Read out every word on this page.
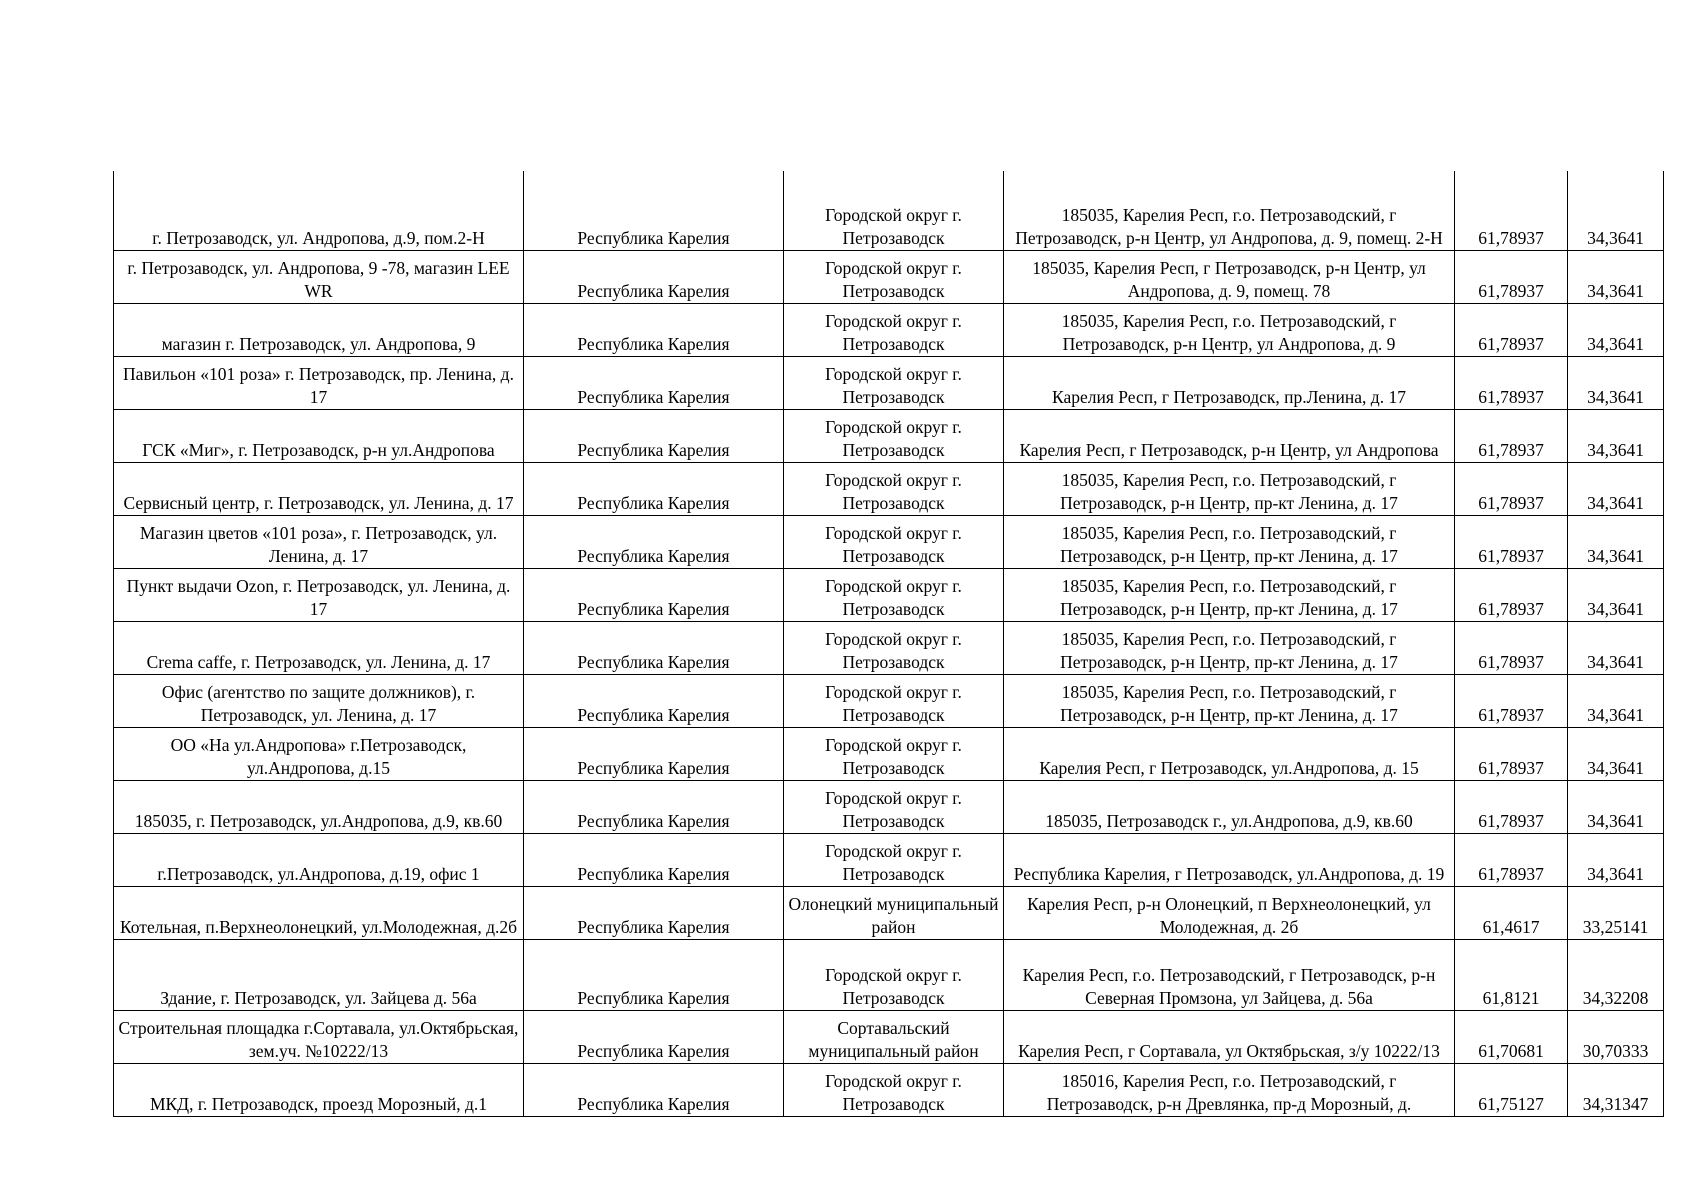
г. Петрозаводск, ул. Андропова, д.9, пом.2-Н	Республика Карелия	Городской округ г. Петрозаводск	185035, Карелия Респ, г.о. Петрозаводский, г Петрозаводск, р-н Центр, ул Андропова, д. 9, помещ. 2-Н	61,78937	34,3641
г. Петрозаводск, ул. Андропова, 9 -78, магазин LEE WR	Республика Карелия	Городской округ г. Петрозаводск	185035, Карелия Респ, г Петрозаводск, р-н Центр, ул Андропова, д. 9, помещ. 78	61,78937	34,3641
магазин г. Петрозаводск, ул. Андропова, 9	Республика Карелия	Городской округ г. Петрозаводск	185035, Карелия Респ, г.о. Петрозаводский, г Петрозаводск, р-н Центр, ул Андропова, д. 9	61,78937	34,3641
Павильон «101 роза» г. Петрозаводск, пр. Ленина, д. 17	Республика Карелия	Городской округ г. Петрозаводск	Карелия Респ, г Петрозаводск, пр.Ленина, д. 17	61,78937	34,3641
ГСК «Миг», г. Петрозаводск, р-н ул.Андропова	Республика Карелия	Городской округ г. Петрозаводск	Карелия Респ, г Петрозаводск, р-н Центр, ул Андропова	61,78937	34,3641
Сервисный центр, г. Петрозаводск, ул. Ленина, д. 17	Республика Карелия	Городской округ г. Петрозаводск	185035, Карелия Респ, г.о. Петрозаводский, г Петрозаводск, р-н Центр, пр-кт Ленина, д. 17	61,78937	34,3641
Магазин цветов «101 роза», г. Петрозаводск, ул. Ленина, д. 17	Республика Карелия	Городской округ г. Петрозаводск	185035, Карелия Респ, г.о. Петрозаводский, г Петрозаводск, р-н Центр, пр-кт Ленина, д. 17	61,78937	34,3641
Пункт выдачи Ozon, г. Петрозаводск, ул. Ленина, д. 17	Республика Карелия	Городской округ г. Петрозаводск	185035, Карелия Респ, г.о. Петрозаводский, г Петрозаводск, р-н Центр, пр-кт Ленина, д. 17	61,78937	34,3641
Crema caffe, г. Петрозаводск, ул. Ленина, д. 17	Республика Карелия	Городской округ г. Петрозаводск	185035, Карелия Респ, г.о. Петрозаводский, г Петрозаводск, р-н Центр, пр-кт Ленина, д. 17	61,78937	34,3641
Офис (агентство по защите должников), г. Петрозаводск, ул. Ленина, д. 17	Республика Карелия	Городской округ г. Петрозаводск	185035, Карелия Респ, г.о. Петрозаводский, г Петрозаводск, р-н Центр, пр-кт Ленина, д. 17	61,78937	34,3641
ОО «На ул.Андропова» г.Петрозаводск, ул.Андропова, д.15	Республика Карелия	Городской округ г. Петрозаводск	Карелия Респ, г Петрозаводск, ул.Андропова, д. 15	61,78937	34,3641
185035, г. Петрозаводск, ул.Андропова, д.9, кв.60	Республика Карелия	Городской округ г. Петрозаводск	185035, Петрозаводск г., ул.Андропова, д.9, кв.60	61,78937	34,3641
г.Петрозаводск, ул.Андропова, д.19, офис 1	Республика Карелия	Городской округ г. Петрозаводск	Республика Карелия, г Петрозаводск, ул.Андропова, д. 19	61,78937	34,3641
Котельная, п.Верхнеолонецкий, ул.Молодежная, д.2б	Республика Карелия	Олонецкий муниципальный район	Карелия Респ, р-н Олонецкий, п Верхнеолонецкий, ул Молодежная, д. 2б	61,4617	33,25141
Здание, г. Петрозаводск, ул. Зайцева д. 56а	Республика Карелия	Городской округ г. Петрозаводск	Карелия Респ, г.о. Петрозаводский, г Петрозаводск, р-н Северная Промзона, ул Зайцева, д. 56а	61,8121	34,32208
Строительная площадка г.Сортавала, ул.Октябрьская, зем.уч. №10222/13	Республика Карелия	Сортавальский муниципальный район	Карелия Респ, г Сортавала, ул Октябрьская, з/у 10222/13	61,70681	30,70333
МКД, г. Петрозаводск, проезд Морозный, д.1	Республика Карелия	Городской округ г. Петрозаводск	185016, Карелия Респ, г.о. Петрозаводский, г Петрозаводск, р-н Древлянка, пр-д Морозный, д.	61,75127	34,31347
